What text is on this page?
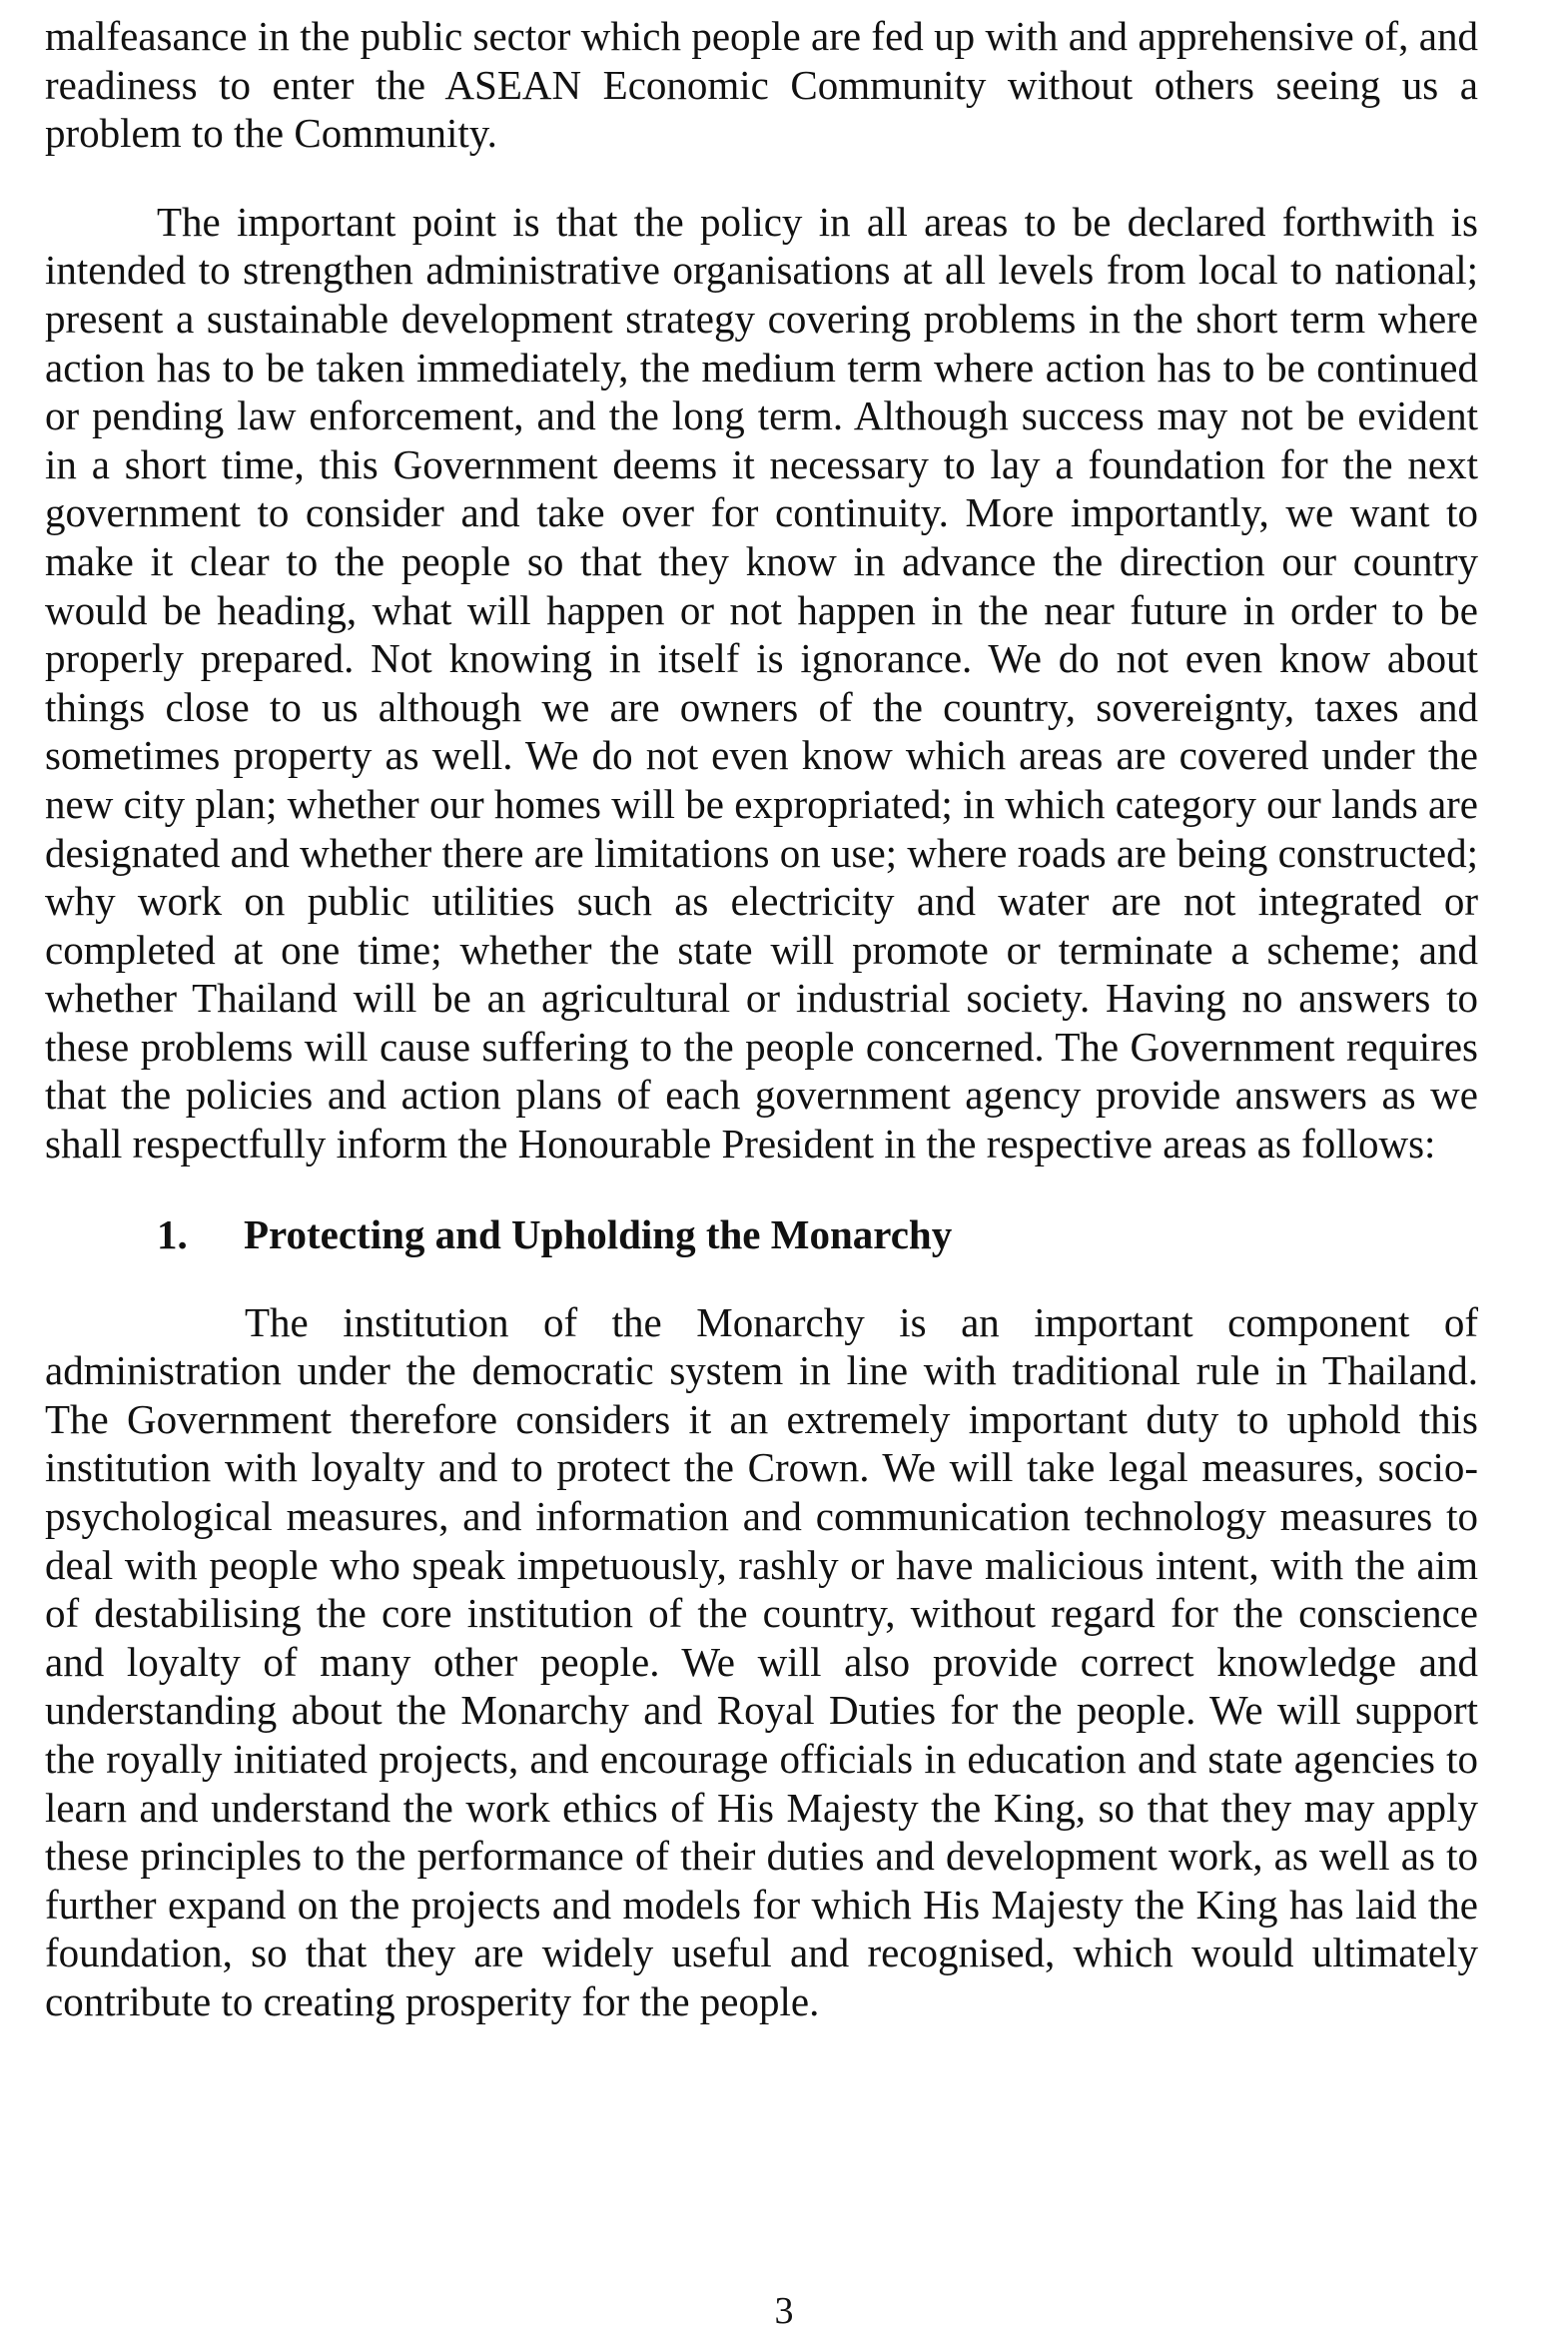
malfeasance in the public sector which people are fed up with and apprehensive of, and readiness to enter the ASEAN Economic Community without others seeing us a problem to the Community.

The important point is that the policy in all areas to be declared forthwith is intended to strengthen administrative organisations at all levels from local to national; present a sustainable development strategy covering problems in the short term where action has to be taken immediately, the medium term where action has to be continued or pending law enforcement, and the long term. Although success may not be evident in a short time, this Government deems it necessary to lay a foundation for the next government to consider and take over for continuity. More importantly, we want to make it clear to the people so that they know in advance the direction our country would be heading, what will happen or not happen in the near future in order to be properly prepared. Not knowing in itself is ignorance. We do not even know about things close to us although we are owners of the country, sovereignty, taxes and sometimes property as well. We do not even know which areas are covered under the new city plan; whether our homes will be expropriated; in which category our lands are designated and whether there are limitations on use; where roads are being constructed; why work on public utilities such as electricity and water are not integrated or completed at one time; whether the state will promote or terminate a scheme; and whether Thailand will be an agricultural or industrial society. Having no answers to these problems will cause suffering to the people concerned. The Government requires that the policies and action plans of each government agency provide answers as we shall respectfully inform the Honourable President in the respective areas as follows:

1.	Protecting and Upholding the Monarchy

The institution of the Monarchy is an important component of administration under the democratic system in line with traditional rule in Thailand. The Government therefore considers it an extremely important duty to uphold this institution with loyalty and to protect the Crown. We will take legal measures, socio-psychological measures, and information and communication technology measures to deal with people who speak impetuously, rashly or have malicious intent, with the aim of destabilising the core institution of the country, without regard for the conscience and loyalty of many other people. We will also provide correct knowledge and understanding about the Monarchy and Royal Duties for the people. We will support the royally initiated projects, and encourage officials in education and state agencies to learn and understand the work ethics of His Majesty the King, so that they may apply these principles to the performance of their duties and development work, as well as to further expand on the projects and models for which His Majesty the King has laid the foundation, so that they are widely useful and recognised, which would ultimately contribute to creating prosperity for the people.

3
